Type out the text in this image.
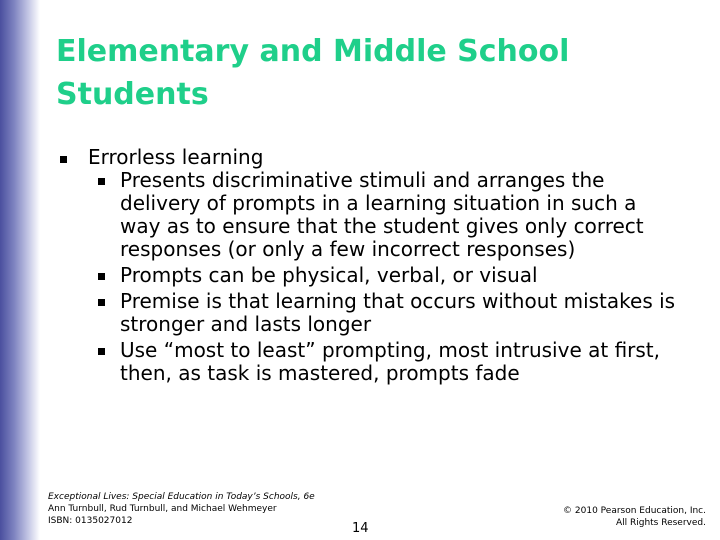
Elementary and Middle School Students
Errorless learning
Presents discriminative stimuli and arranges the delivery of prompts in a learning situation in such a way as to ensure that the student gives only correct responses (or only a few incorrect responses)
Prompts can be physical, verbal, or visual
Premise is that learning that occurs without mistakes is stronger and lasts longer
Use “most to least” prompting, most intrusive at first, then, as task is mastered, prompts fade
Exceptional Lives: Special Education in Today’s Schools, 6e
Ann Turnbull, Rud Turnbull, and Michael Wehmeyer
ISBN: 0135027012	14
© 2010 Pearson Education, Inc.
All Rights Reserved.
